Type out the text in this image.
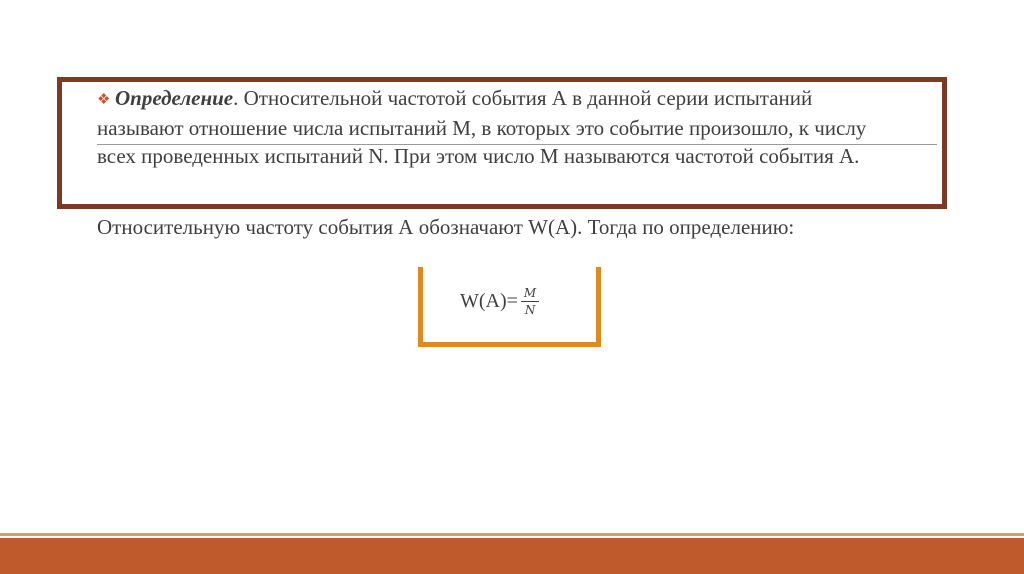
❖ Определение. Относительной частотой события А в данной серии испытаний называют отношение числа испытаний М, в которых это событие произошло, к числу всех проведенных испытаний N. При этом число М называются частотой события А.
Относительную частоту события А обозначают W(A). Тогда по определению:
$W(A)= \frac{M}{N}$
